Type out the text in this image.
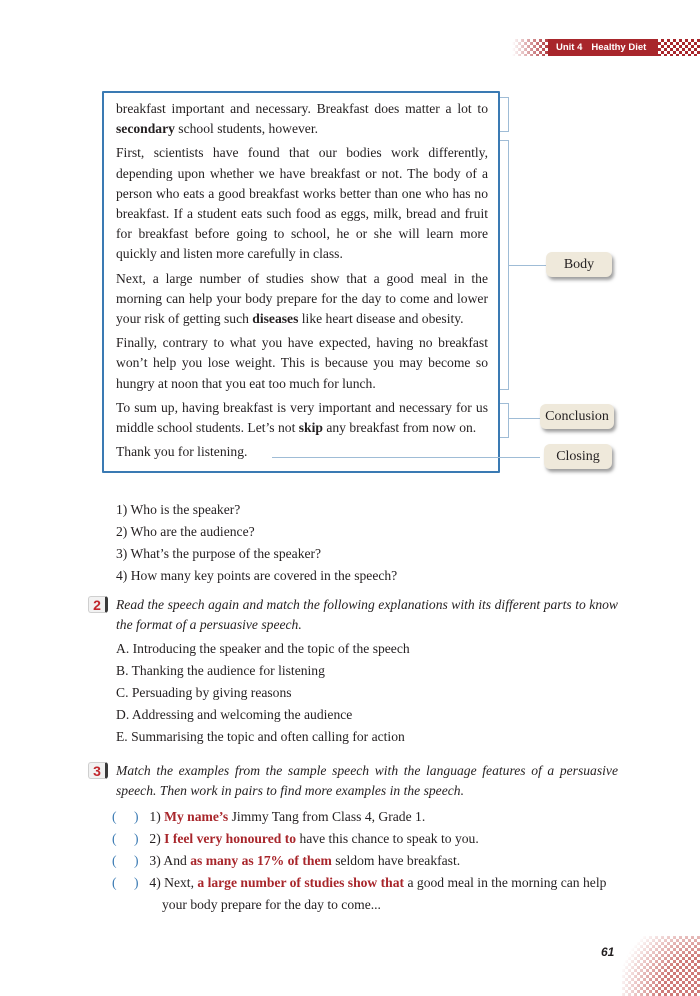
Unit 4 Healthy Diet

breakfast important and necessary. Breakfast does matter a lot to secondary school students, however.

First, scientists have found that our bodies work differently, depending upon whether we have breakfast or not. The body of a person who eats a good breakfast works better than one who has no breakfast. If a student eats such food as eggs, milk, bread and fruit for breakfast before going to school, he or she will learn more quickly and listen more carefully in class.

Next, a large number of studies show that a good meal in the morning can help your body prepare for the day to come and lower your risk of getting such diseases like heart disease and obesity.

Finally, contrary to what you have expected, having no breakfast won’t help you lose weight. This is because you may become so hungry at noon that you eat too much for lunch.

To sum up, having breakfast is very important and necessary for us middle school students. Let’s not skip any breakfast from now on.

Thank you for listening.

Body
Conclusion
Closing
1) Who is the speaker?
2) Who are the audience?
3) What’s the purpose of the speaker?
4) How many key points are covered in the speech?
2	Read the speech again and match the following explanations with its different parts to know the format of a persuasive speech.
A. Introducing the speaker and the topic of the speech
B. Thanking the audience for listening
C. Persuading by giving reasons
D. Addressing and welcoming the audience
E. Summarising the topic and often calling for action
3	Match the examples from the sample speech with the language features of a persuasive speech. Then work in pairs to find more examples in the speech.
( ) 1) My name’s Jimmy Tang from Class 4, Grade 1.
( ) 2) I feel very honoured to have this chance to speak to you.
( ) 3) And as many as 17% of them seldom have breakfast.
( ) 4) Next, a large number of studies show that a good meal in the morning can help
your body prepare for the day to come...
61
